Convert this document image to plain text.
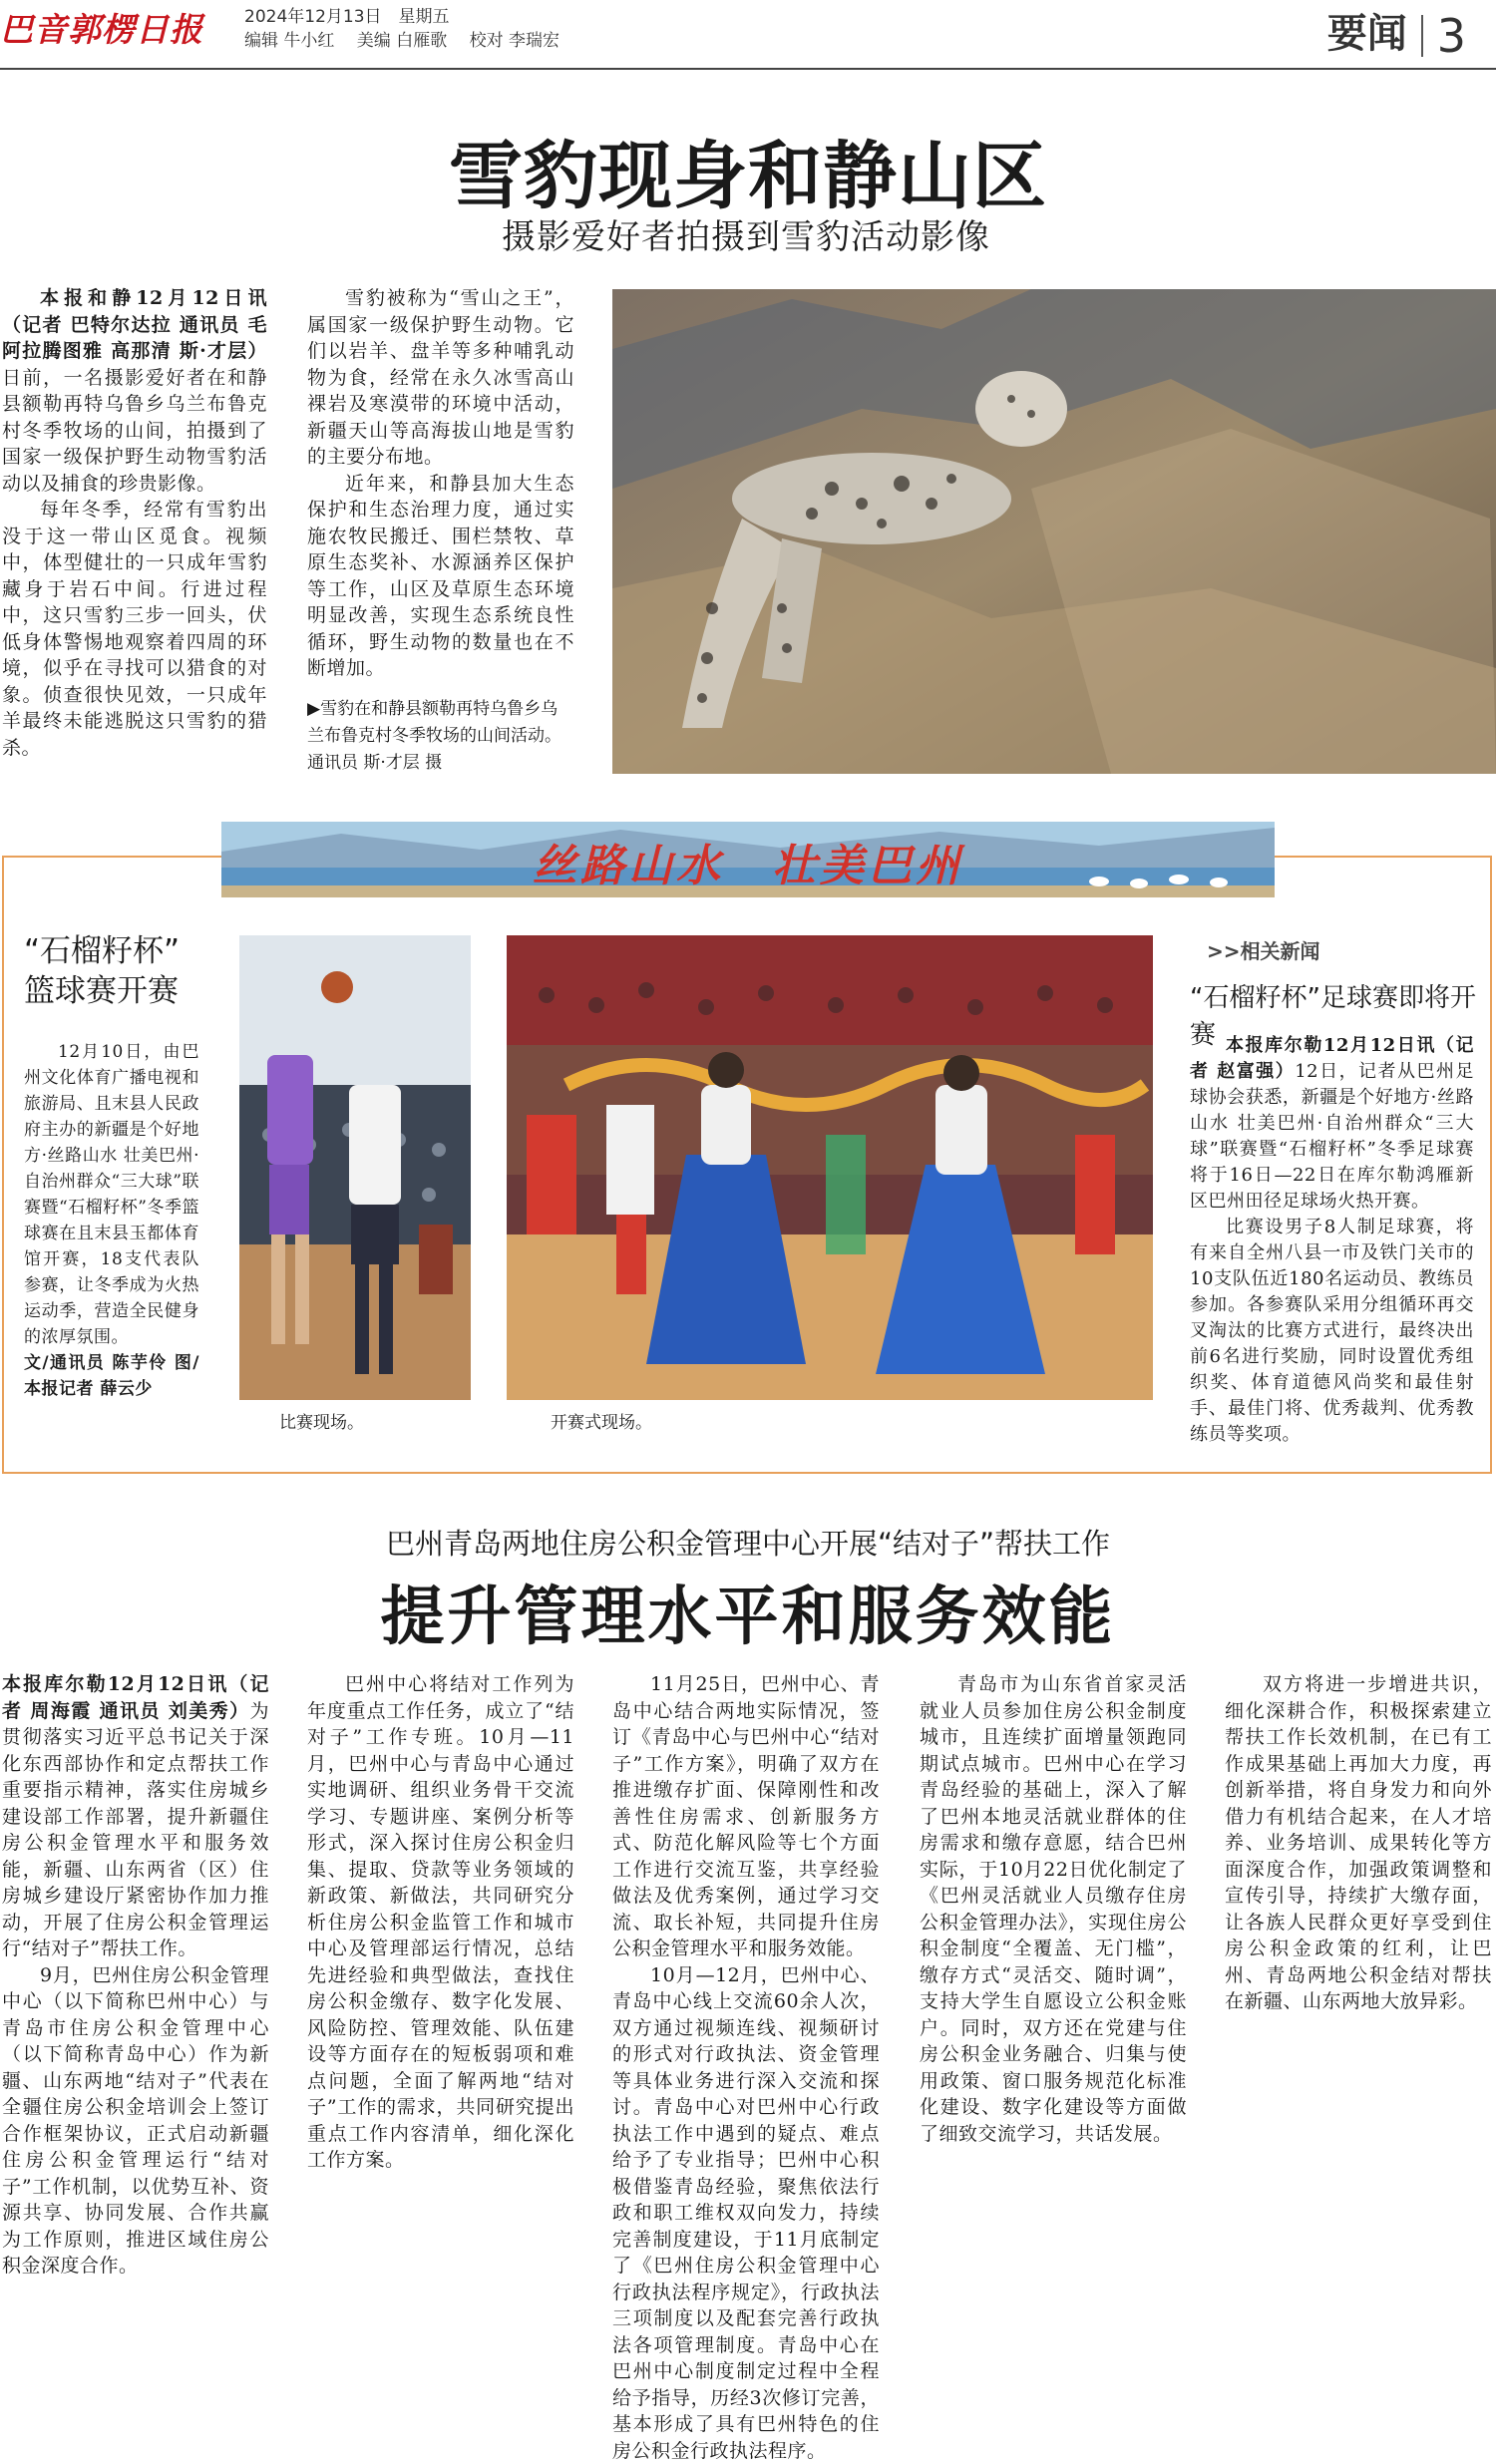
巴音郭楞日报 2024年12月13日　星期五
编辑 牛小红　 美编 白雁歌　 校对 李瑞宏	要闻 3
雪豹现身和静山区
摄影爱好者拍摄到雪豹活动影像

本报和静12月12日讯（记者 巴特尔达拉 通讯员 毛阿拉腾图雅 高那清 斯·才层）日前，一名摄影爱好者在和静县额勒再特乌鲁乡乌兰布鲁克村冬季牧场的山间，拍摄到了国家一级保护野生动物雪豹活动以及捕食的珍贵影像。

每年冬季，经常有雪豹出没于这一带山区觅食。视频中，体型健壮的一只成年雪豹藏身于岩石中间。行进过程中，这只雪豹三步一回头，伏低身体警惕地观察着四周的环境，似乎在寻找可以猎食的对象。侦查很快见效，一只成年羊最终未能逃脱这只雪豹的猎杀。

雪豹被称为“雪山之王”，属国家一级保护野生动物。它们以岩羊、盘羊等多种哺乳动物为食，经常在永久冰雪高山裸岩及寒漠带的环境中活动，新疆天山等高海拔山地是雪豹的主要分布地。

近年来，和静县加大生态保护和生态治理力度，通过实施农牧民搬迁、围栏禁牧、草原生态奖补、水源涵养区保护等工作，山区及草原生态环境明显改善，实现生态系统良性循环，野生动物的数量也在不断增加。

▶雪豹在和静县额勒再特乌鲁乡乌兰布鲁克村冬季牧场的山间活动。　通讯员 斯·才层 摄
丝路山水　壮美巴州
“石榴籽杯”
篮球赛开赛

12月10日，由巴州文化体育广播电视和旅游局、且末县人民政府主办的新疆是个好地方·丝路山水 壮美巴州·自治州群众“三大球”联赛暨“石榴籽杯”冬季篮球赛在且末县玉都体育馆开赛，18支代表队参赛，让冬季成为火热运动季，营造全民健身的浓厚氛围。

文/通讯员 陈芋伶 图/本报记者 薛云少

比赛现场。	开赛式现场。
>>相关新闻
“石榴籽杯”足球赛即将开赛 本报库尔勒12月12日讯（记者 赵富强）12日，记者从巴州足球协会获悉，新疆是个好地方·丝路山水 壮美巴州·自治州群众“三大球”联赛暨“石榴籽杯”冬季足球赛将于16日—22日在库尔勒鸿雁新区巴州田径足球场火热开赛。

比赛设男子8人制足球赛，将有来自全州八县一市及铁门关市的10支队伍近180名运动员、教练员参加。各参赛队采用分组循环再交叉淘汰的比赛方式进行，最终决出前6名进行奖励，同时设置优秀组织奖、体育道德风尚奖和最佳射手、最佳门将、优秀裁判、优秀教练员等奖项。

巴州青岛两地住房公积金管理中心开展“结对子”帮扶工作
提升管理水平和服务效能

本报库尔勒12月12日讯（记者 周海霞 通讯员 刘美秀）为贯彻落实习近平总书记关于深化东西部协作和定点帮扶工作重要指示精神，落实住房城乡建设部工作部署，提升新疆住房公积金管理水平和服务效能，新疆、山东两省（区）住房城乡建设厅紧密协作加力推动，开展了住房公积金管理运行“结对子”帮扶工作。

9月，巴州住房公积金管理中心（以下简称巴州中心）与青岛市住房公积金管理中心（以下简称青岛中心）作为新疆、山东两地“结对子”代表在全疆住房公积金培训会上签订合作框架协议，正式启动新疆住房公积金管理运行“结对子”工作机制，以优势互补、资源共享、协同发展、合作共赢为工作原则，推进区域住房公积金深度合作。

巴州中心将结对工作列为年度重点工作任务，成立了“结对子”工作专班。10月—11月，巴州中心与青岛中心通过实地调研、组织业务骨干交流学习、专题讲座、案例分析等形式，深入探讨住房公积金归集、提取、贷款等业务领域的新政策、新做法，共同研究分析住房公积金监管工作和城市中心及管理部运行情况，总结先进经验和典型做法，查找住房公积金缴存、数字化发展、风险防控、管理效能、队伍建设等方面存在的短板弱项和难点问题，全面了解两地“结对子”工作的需求，共同研究提出重点工作内容清单，细化深化工作方案。

11月25日，巴州中心、青岛中心结合两地实际情况，签订《青岛中心与巴州中心“结对子”工作方案》，明确了双方在推进缴存扩面、保障刚性和改善性住房需求、创新服务方式、防范化解风险等七个方面工作进行交流互鉴，共享经验做法及优秀案例，通过学习交流、取长补短，共同提升住房公积金管理水平和服务效能。

10月—12月，巴州中心、青岛中心线上交流60余人次，双方通过视频连线、视频研讨的形式对行政执法、资金管理等具体业务进行深入交流和探讨。青岛中心对巴州中心行政执法工作中遇到的疑点、难点给予了专业指导；巴州中心积极借鉴青岛经验，聚焦依法行政和职工维权双向发力，持续完善制度建设，于11月底制定了《巴州住房公积金管理中心行政执法程序规定》，行政执法三项制度以及配套完善行政执法各项管理制度。青岛中心在巴州中心制度制定过程中全程给予指导，历经3次修订完善，基本形成了具有巴州特色的住房公积金行政执法程序。

青岛市为山东省首家灵活就业人员参加住房公积金制度城市，且连续扩面增量领跑同期试点城市。巴州中心在学习青岛经验的基础上，深入了解了巴州本地灵活就业群体的住房需求和缴存意愿，结合巴州实际，于10月22日优化制定了《巴州灵活就业人员缴存住房公积金管理办法》，实现住房公积金制度“全覆盖、无门槛”，缴存方式“灵活交、随时调”，支持大学生自愿设立公积金账户。同时，双方还在党建与住房公积金业务融合、归集与使用政策、窗口服务规范化标准化建设、数字化建设等方面做了细致交流学习，共话发展。

双方将进一步增进共识，细化深耕合作，积极探索建立帮扶工作长效机制，在已有工作成果基础上再加大力度，再创新举措，将自身发力和向外借力有机结合起来，在人才培养、业务培训、成果转化等方面深度合作，加强政策调整和宣传引导，持续扩大缴存面，让各族人民群众更好享受到住房公积金政策的红利，让巴州、青岛两地公积金结对帮扶在新疆、山东两地大放异彩。
